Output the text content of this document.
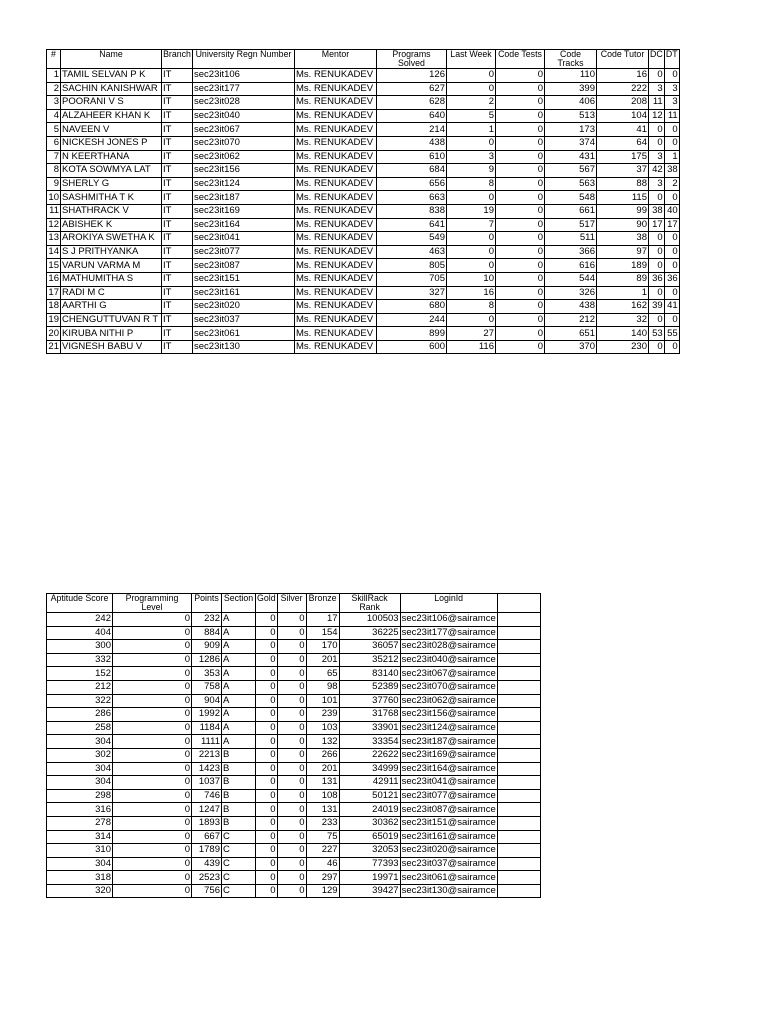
#	Name	Branch	University Regn Number	Mentor	Programs Solved	Last Week	Code Tests	Code Tracks	Code Tutor	DC	DT
1	TAMIL SELVAN P K	IT	sec23it106	Ms. RENUKADEV	126	0	0	110	16	0	0
2	SACHIN KANISHWAR	IT	sec23it177	Ms. RENUKADEV	627	0	0	399	222	3	3
3	POORANI V S	IT	sec23it028	Ms. RENUKADEV	628	2	0	406	208	11	3
4	ALZAHEER KHAN K	IT	sec23it040	Ms. RENUKADEV	640	5	0	513	104	12	11
5	NAVEEN V	IT	sec23it067	Ms. RENUKADEV	214	1	0	173	41	0	0
6	NICKESH JONES P	IT	sec23it070	Ms. RENUKADEV	438	0	0	374	64	0	0
7	N KEERTHANA	IT	sec23it062	Ms. RENUKADEV	610	3	0	431	175	3	1
8	KOTA SOWMYA LAT	IT	sec23it156	Ms. RENUKADEV	684	9	0	567	37	42	38
9	SHERLY G	IT	sec23it124	Ms. RENUKADEV	656	8	0	563	88	3	2
10	SASHMITHA T K	IT	sec23it187	Ms. RENUKADEV	663	0	0	548	115	0	0
11	SHATHRACK V	IT	sec23it169	Ms. RENUKADEV	838	19	0	661	99	38	40
12	ABISHEK K	IT	sec23it164	Ms. RENUKADEV	641	7	0	517	90	17	17
13	AROKIYA SWETHA K	IT	sec23it041	Ms. RENUKADEV	549	0	0	511	38	0	0
14	S J PRITHYANKA	IT	sec23it077	Ms. RENUKADEV	463	0	0	366	97	0	0
15	VARUN VARMA M	IT	sec23it087	Ms. RENUKADEV	805	0	0	616	189	0	0
16	MATHUMITHA S	IT	sec23it151	Ms. RENUKADEV	705	10	0	544	89	36	36
17	RADI M C	IT	sec23it161	Ms. RENUKADEV	327	16	0	326	1	0	0
18	AARTHI G	IT	sec23it020	Ms. RENUKADEV	680	8	0	438	162	39	41
19	CHENGUTTUVAN R T	IT	sec23it037	Ms. RENUKADEV	244	0	0	212	32	0	0
20	KIRUBA NITHI P	IT	sec23it061	Ms. RENUKADEV	899	27	0	651	140	53	55
21	VIGNESH BABU V	IT	sec23it130	Ms. RENUKADEV	600	116	0	370	230	0	0
Aptitude Score	Programming Level	Points	Section	Gold	Silver	Bronze	SkillRack Rank	LoginId	
242	0	232	A	0	0	17	100503	sec23it106@sairamce	
404	0	884	A	0	0	154	36225	sec23it177@sairamce	
300	0	909	A	0	0	170	36057	sec23it028@sairamce	
332	0	1286	A	0	0	201	35212	sec23it040@sairamce	
152	0	353	A	0	0	65	83140	sec23it067@sairamce	
212	0	758	A	0	0	98	52389	sec23it070@sairamce	
322	0	904	A	0	0	101	37760	sec23it062@sairamce	
286	0	1992	A	0	0	239	31768	sec23it156@sairamce	
258	0	1184	A	0	0	103	33901	sec23it124@sairamce	
304	0	1111	A	0	0	132	33354	sec23it187@sairamce	
302	0	2213	B	0	0	266	22622	sec23it169@sairamce	
304	0	1423	B	0	0	201	34999	sec23it164@sairamce	
304	0	1037	B	0	0	131	42911	sec23it041@sairamce	
298	0	746	B	0	0	108	50121	sec23it077@sairamce	
316	0	1247	B	0	0	131	24019	sec23it087@sairamce	
278	0	1893	B	0	0	233	30362	sec23it151@sairamce	
314	0	667	C	0	0	75	65019	sec23it161@sairamce	
310	0	1789	C	0	0	227	32053	sec23it020@sairamce	
304	0	439	C	0	0	46	77393	sec23it037@sairamce	
318	0	2523	C	0	0	297	19971	sec23it061@sairamce	
320	0	756	C	0	0	129	39427	sec23it130@sairamce	
